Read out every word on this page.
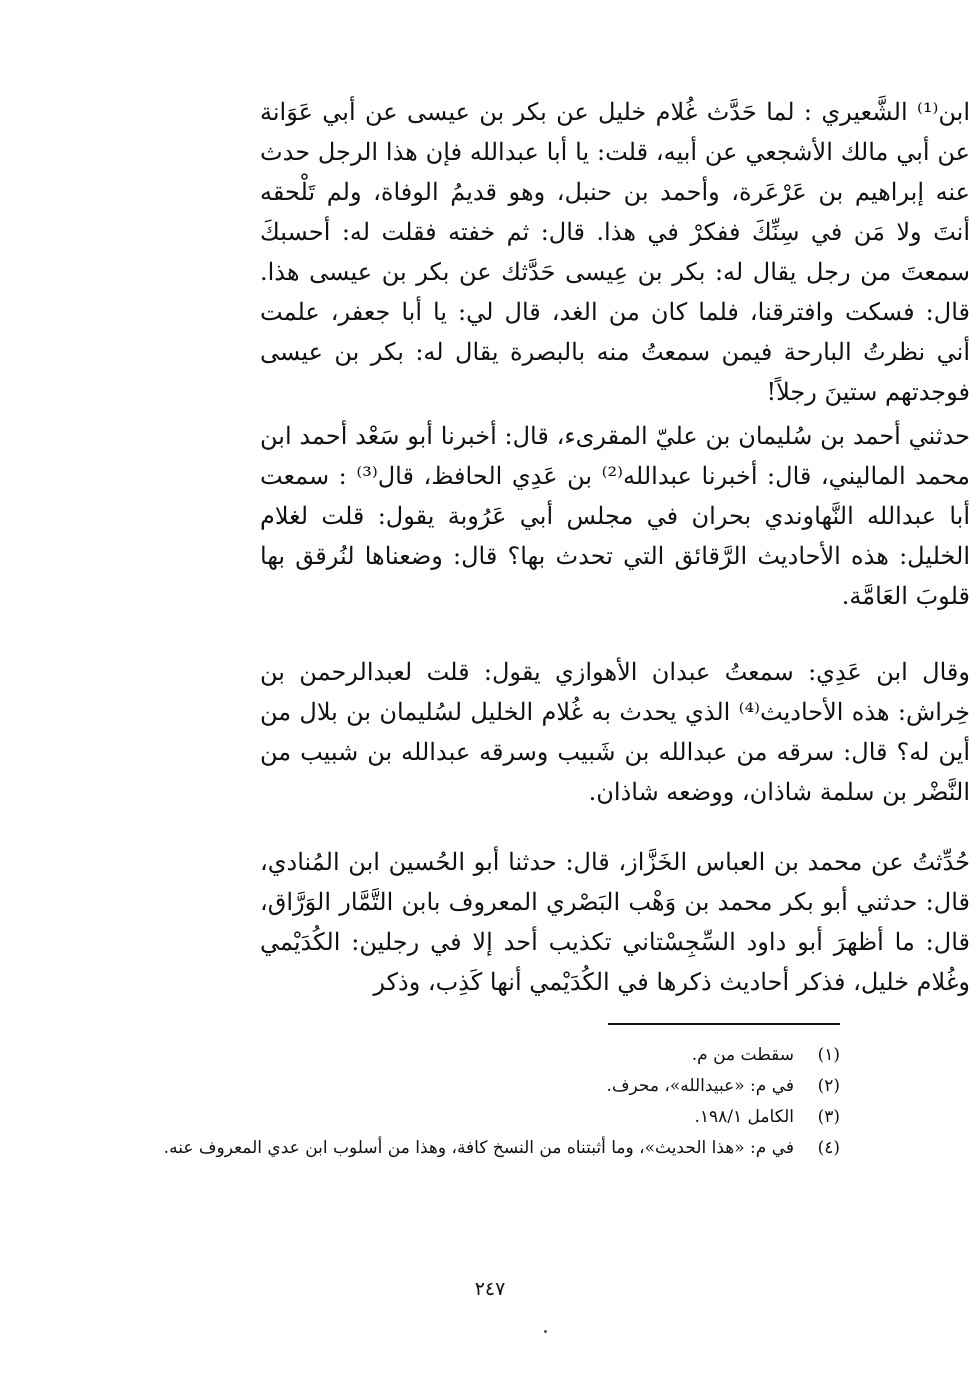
ابن⁽¹⁾ الشَّعيري : لما حَدَّث غُلام خليل عن بكر بن عيسى عن أبي عَوَانة عن أبي مالك الأشجعي عن أبيه، قلت: يا أبا عبدالله فإن هذا الرجل حدث عنه إبراهيم بن عَرْعَرة، وأحمد بن حنبل، وهو قديمُ الوفاة، ولم تَلْحقه أنتَ ولا مَن في سِنِّكَ ففكرْ في هذا. قال: ثم خفته فقلت له: أحسبكَ سمعتَ من رجل يقال له: بكر بن عِيسى حَدَّثك عن بكر بن عيسى هذا. قال: فسكت وافترقنا، فلما كان من الغد، قال لي: يا أبا جعفر، علمت أني نظرتُ البارحة فيمن سمعتُ منه بالبصرة يقال له: بكر بن عيسى فوجدتهم ستينَ رجلاً!

حدثني أحمد بن سُليمان بن عليّ المقرىء، قال: أخبرنا أبو سَعْد أحمد ابن محمد الماليني، قال: أخبرنا عبدالله⁽²⁾ بن عَدِي الحافظ، قال⁽³⁾ : سمعت أبا عبدالله النَّهاوندي بحران في مجلس أبي عَرُوبة يقول: قلت لغلام الخليل: هذه الأحاديث الرَّقائق التي تحدث بها؟ قال: وضعناها لنُرقق بها قلوبَ العَامَّة.

وقال ابن عَدِي: سمعتُ عبدان الأهوازي يقول: قلت لعبدالرحمن بن خِراش: هذه الأحاديث⁽⁴⁾ الذي يحدث به غُلام الخليل لسُليمان بن بلال من أين له؟ قال: سرقه من عبدالله بن شَبيب وسرقه عبدالله بن شبيب من النَّضْر بن سلمة شاذان، ووضعه شاذان.

حُدِّثتُ عن محمد بن العباس الخَزَّاز، قال: حدثنا أبو الحُسين ابن المُنادي، قال: حدثني أبو بكر محمد بن وَهْب البَصْري المعروف بابن التَّمَّار الوَرَّاق، قال: ما أظهرَ أبو داود السِّجِسْتاني تكذيب أحد إلا في رجلين: الكُدَيْمي وغُلام خليل، فذكر أحاديث ذكرها في الكُدَيْمي أنها كَذِب، وذكر

(١)
سقطت من م.
(٢)
في م: «عبيدالله»، محرف.
(٣)
الكامل ١٩٨/١.
(٤)
في م: «هذا الحديث»، وما أثبتناه من النسخ كافة، وهذا من أسلوب ابن عدي المعروف عنه.
٢٤٧
